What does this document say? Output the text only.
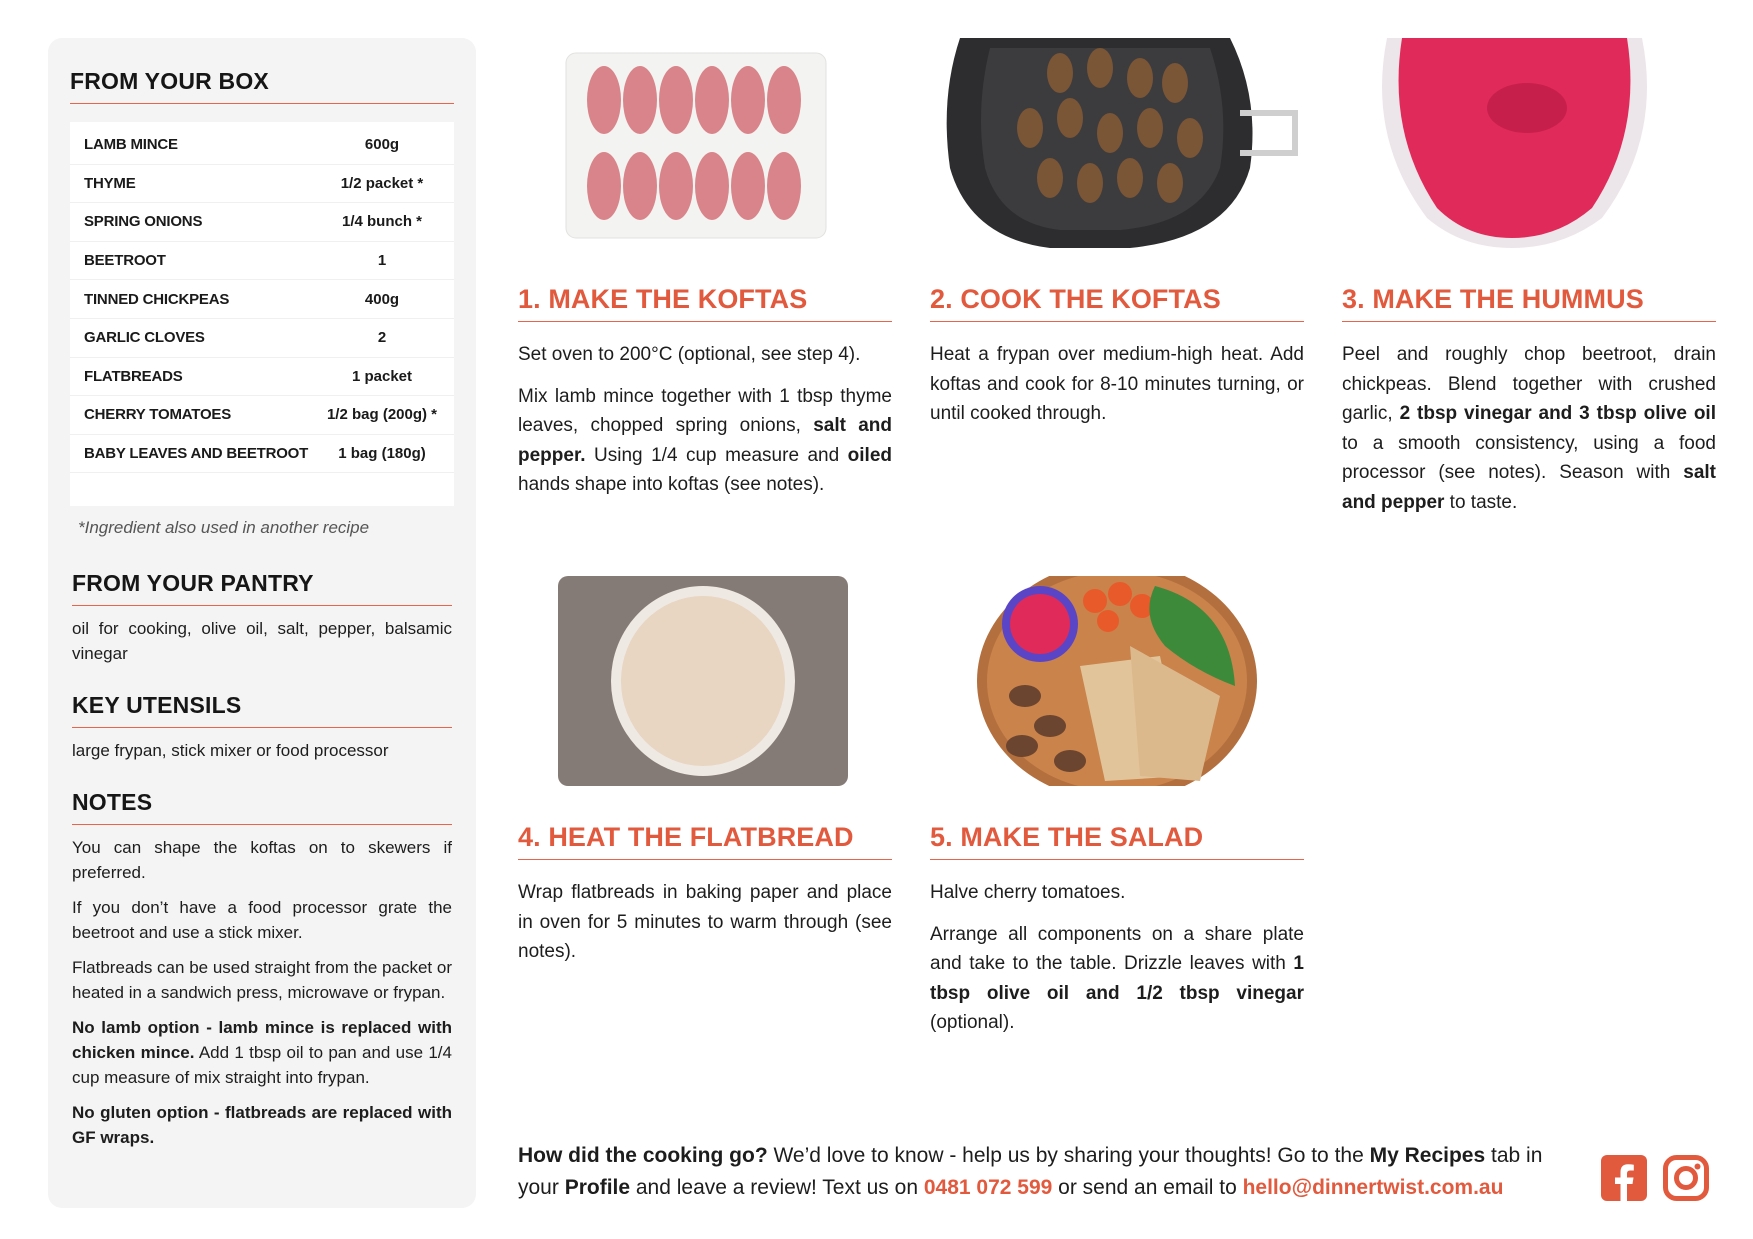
FROM YOUR BOX
LAMB MINCE	600g
THYME	1/2 packet *
SPRING ONIONS	1/4 bunch *
BEETROOT	1
TINNED CHICKPEAS	400g
GARLIC CLOVES	2
FLATBREADS	1 packet
CHERRY TOMATOES	1/2 bag (200g) *
BABY LEAVES AND BEETROOT	1 bag (180g)
*Ingredient also used in another recipe
FROM YOUR PANTRY
oil for cooking, olive oil, salt, pepper, balsamic vinegar
KEY UTENSILS
large frypan, stick mixer or food processor
NOTES

You can shape the koftas on to skewers if preferred.

If you don’t have a food processor grate the beetroot and use a stick mixer.

Flatbreads can be used straight from the packet or heated in a sandwich press, microwave or frypan.

No lamb option - lamb mince is replaced with chicken mince. Add 1 tbsp oil to pan and use 1/4 cup measure of mix straight into frypan.

No gluten option - flatbreads are replaced with GF wraps.

1. MAKE THE KOFTAS

Set oven to 200°C (optional, see step 4).

Mix lamb mince together with 1 tbsp thyme leaves, chopped spring onions, salt and pepper. Using 1/4 cup measure and oiled hands shape into koftas (see notes).

2. COOK THE KOFTAS

Heat a frypan over medium-high heat. Add koftas and cook for 8-10 minutes turning, or until cooked through.

3. MAKE THE HUMMUS

Peel and roughly chop beetroot, drain chickpeas. Blend together with crushed garlic, 2 tbsp vinegar and 3 tbsp olive oil to a smooth consistency, using a food processor (see notes). Season with salt and pepper to taste.

4. HEAT THE FLATBREAD

Wrap flatbreads in baking paper and place in oven for 5 minutes to warm through (see notes).

5. MAKE THE SALAD

Halve cherry tomatoes.

Arrange all components on a share plate and take to the table. Drizzle leaves with 1 tbsp olive oil and 1/2 tbsp vinegar (optional).

How did the cooking go? We’d love to know - help us by sharing your thoughts! Go to the My Recipes tab in your Profile and leave a review! Text us on 0481 072 599 or send an email to hello@dinnertwist.com.au
